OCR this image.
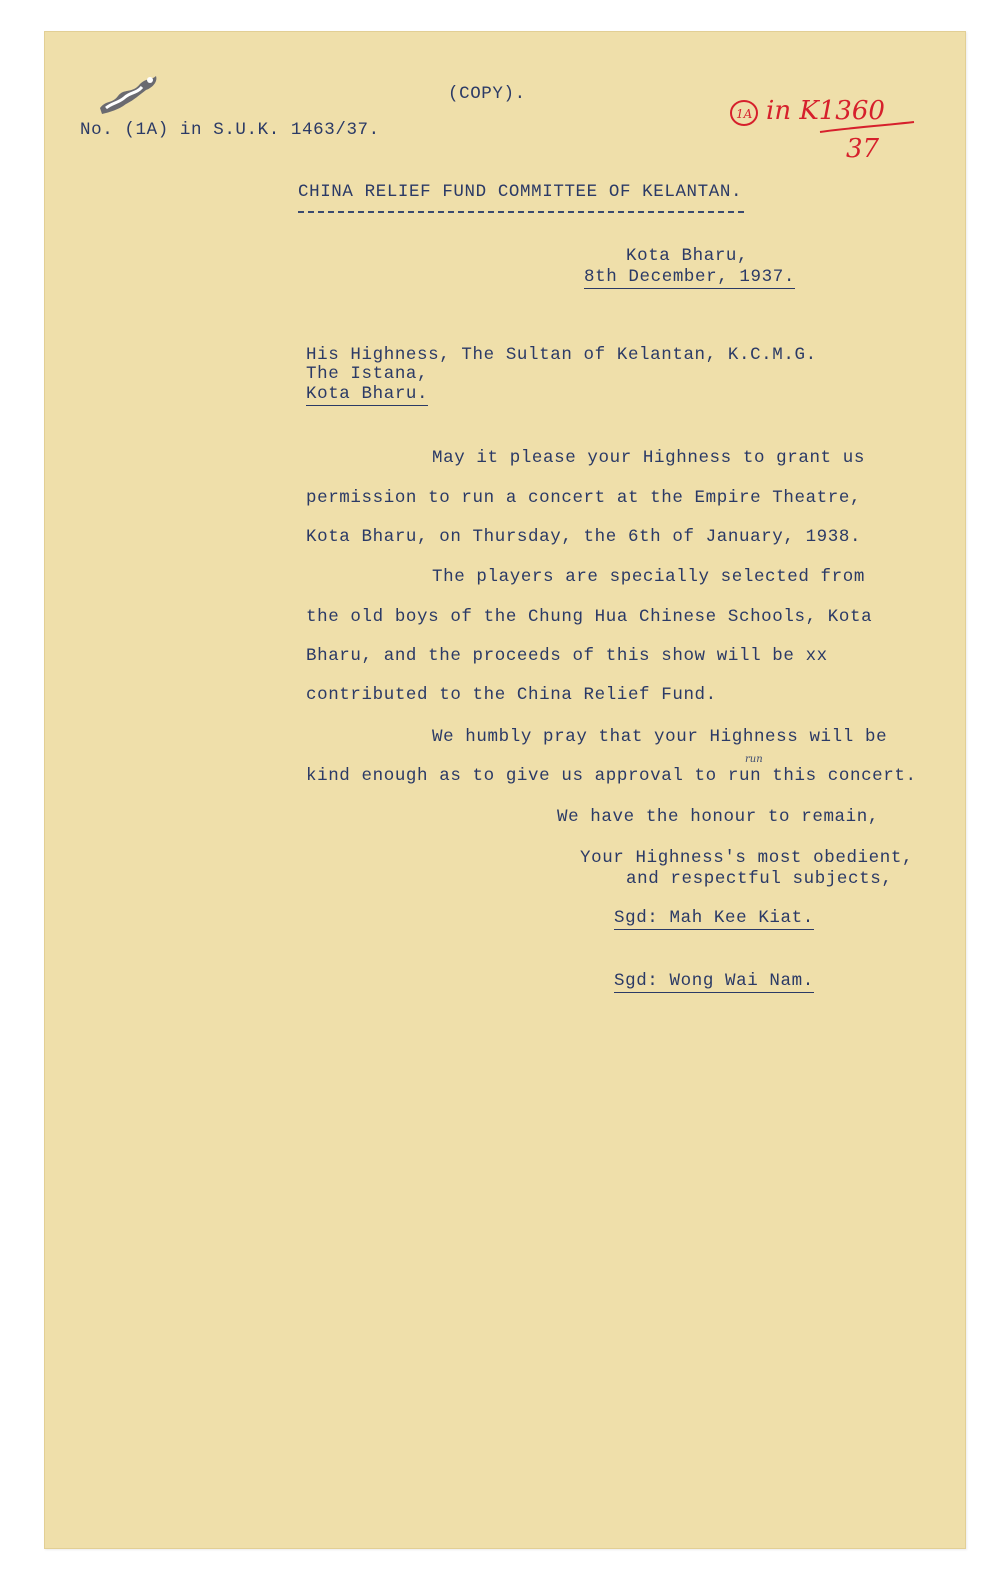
(COPY).
No. (1A) in S.U.K. 1463/37.
1A in K1360
37
CHINA RELIEF FUND COMMITTEE OF KELANTAN.
Kota Bharu,
8th December, 1937.
His Highness, The Sultan of Kelantan, K.C.M.G.
The Istana,
Kota Bharu.
May it please your Highness to grant us
permission to run a concert at the Empire Theatre,
Kota Bharu, on Thursday, the 6th of January, 1938.
The players are specially selected from
the old boys of the Chung Hua Chinese Schools, Kota
Bharu, and the proceeds of this show will be xx
contributed to the China Relief Fund.
We humbly pray that your Highness will be
run
kind enough as to give us approval to run this concert.
We have the honour to remain,
Your Highness's most obedient,
and respectful subjects,
Sgd: Mah Kee Kiat.
Sgd: Wong Wai Nam.
